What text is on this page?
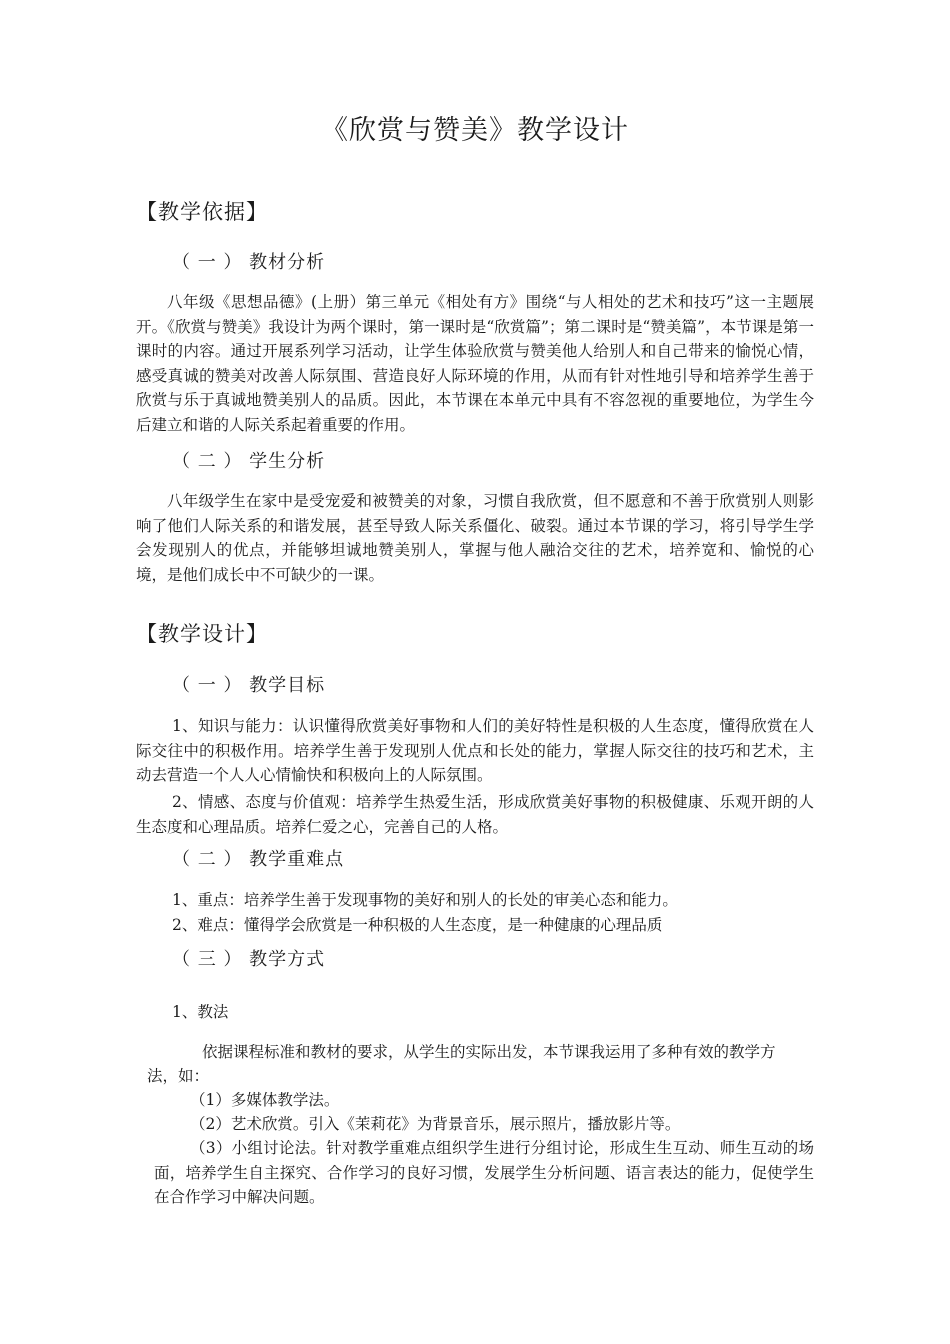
《欣赏与赞美》教学设计
【教学依据】
（ 一 ） 教材分析

八年级《思想品德》(上册）第三单元《相处有方》围绕“与人相处的艺术和技巧”这一主题展开。《欣赏与赞美》我设计为两个课时，第一课时是“欣赏篇”；第二课时是“赞美篇”，本节课是第一课时的内容。通过开展系列学习活动，让学生体验欣赏与赞美他人给别人和自己带来的愉悦心情，感受真诚的赞美对改善人际氛围、营造良好人际环境的作用，从而有针对性地引导和培养学生善于欣赏与乐于真诚地赞美别人的品质。因此，本节课在本单元中具有不容忽视的重要地位，为学生今后建立和谐的人际关系起着重要的作用。

（ 二 ） 学生分析

八年级学生在家中是受宠爱和被赞美的对象，习惯自我欣赏，但不愿意和不善于欣赏别人则影响了他们人际关系的和谐发展，甚至导致人际关系僵化、破裂。通过本节课的学习，将引导学生学会发现别人的优点，并能够坦诚地赞美别人，掌握与他人融洽交往的艺术，培养宽和、愉悦的心境，是他们成长中不可缺少的一课。

【教学设计】
（ 一 ） 教学目标

1、知识与能力：认识懂得欣赏美好事物和人们的美好特性是积极的人生态度，懂得欣赏在人际交往中的积极作用。培养学生善于发现别人优点和长处的能力，掌握人际交往的技巧和艺术，主动去营造一个人人心情愉快和积极向上的人际氛围。

2、情感、态度与价值观：培养学生热爱生活，形成欣赏美好事物的积极健康、乐观开朗的人生态度和心理品质。培养仁爱之心，完善自己的人格。

（ 二 ） 教学重难点
1、重点：培养学生善于发现事物的美好和别人的长处的审美心态和能力。
2、难点：懂得学会欣赏是一种积极的人生态度，是一种健康的心理品质
（ 三 ） 教学方式
1、教法
依据课程标准和教材的要求，从学生的实际出发，本节课我运用了多种有效的教学方
法，如：
（1）多媒体教学法。
（2）艺术欣赏。引入《茉莉花》为背景音乐，展示照片，播放影片等。

（3）小组讨论法。针对教学重难点组织学生进行分组讨论，形成生生互动、师生互动的场面，培养学生自主探究、合作学习的良好习惯，发展学生分析问题、语言表达的能力，促使学生在合作学习中解决问题。
